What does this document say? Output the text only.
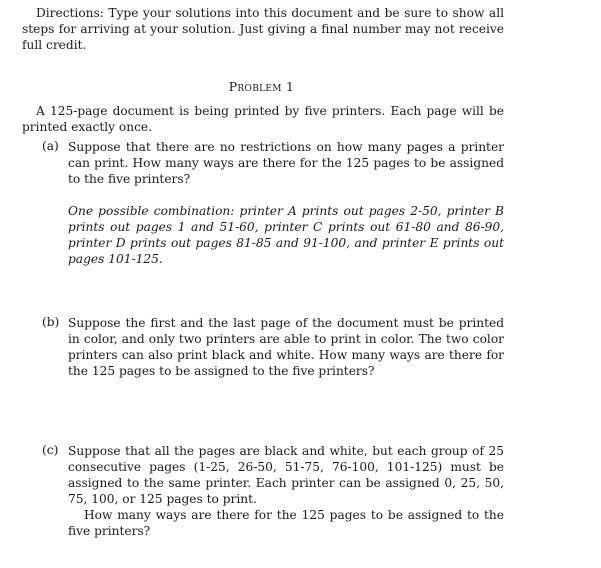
Directions: Type your solutions into this document and be sure to show all steps for arriving at your solution. Just giving a final number may not receive full credit.
Problem 1
A 125-page document is being printed by five printers. Each page will be printed exactly once.
(a) Suppose that there are no restrictions on how many pages a printer can print. How many ways are there for the 125 pages to be assigned to the five printers?
One possible combination: printer A prints out pages 2-50, printer B prints out pages 1 and 51-60, printer C prints out 61-80 and 86-90, printer D prints out pages 81-85 and 91-100, and printer E prints out pages 101-125.
(b) Suppose the first and the last page of the document must be printed in color, and only two printers are able to print in color. The two color printers can also print black and white. How many ways are there for the 125 pages to be assigned to the five printers?
(c) Suppose that all the pages are black and white, but each group of 25 consecutive pages (1-25, 26-50, 51-75, 76-100, 101-125) must be assigned to the same printer. Each printer can be assigned 0, 25, 50, 75, 100, or 125 pages to print.
How many ways are there for the 125 pages to be assigned to the five printers?
